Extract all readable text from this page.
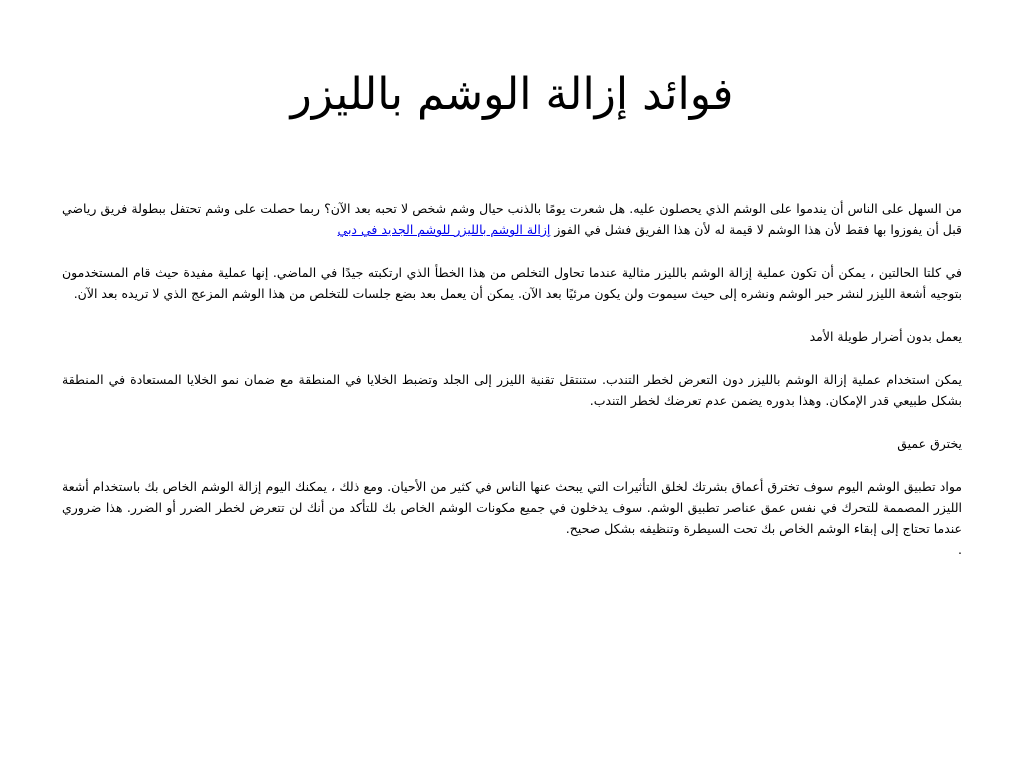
فوائد إزالة الوشم بالليزر

من السهل على الناس أن يندموا على الوشم الذي يحصلون عليه. هل شعرت يومًا بالذنب حيال وشم شخص لا تحبه بعد الآن؟ ربما حصلت على وشم تحتفل ببطولة فريق رياضي قبل أن يفوزوا بها فقط لأن هذا الوشم لا قيمة له لأن هذا الفريق فشل في الفوز إزالة الوشم بالليزر للوشم الجديد في دبي

في كلتا الحالتين ، يمكن أن تكون عملية إزالة الوشم بالليزر مثالية عندما تحاول التخلص من هذا الخطأ الذي ارتكبته جيدًا في الماضي. إنها عملية مفيدة حيث قام المستخدمون بتوجيه أشعة الليزر لنشر حبر الوشم ونشره إلى حيث سيموت ولن يكون مرئيًا بعد الآن. يمكن أن يعمل بعد بضع جلسات للتخلص من هذا الوشم المزعج الذي لا تريده بعد الآن.

يعمل بدون أضرار طويلة الأمد

يمكن استخدام عملية إزالة الوشم بالليزر دون التعرض لخطر التندب. ستنتقل تقنية الليزر إلى الجلد وتضبط الخلايا في المنطقة مع ضمان نمو الخلايا المستعادة في المنطقة بشكل طبيعي قدر الإمكان. وهذا بدوره يضمن عدم تعرضك لخطر التندب.

يخترق عميق

مواد تطبيق الوشم اليوم سوف تخترق أعماق بشرتك لخلق التأثيرات التي يبحث عنها الناس في كثير من الأحيان. ومع ذلك ، يمكنك اليوم إزالة الوشم الخاص بك باستخدام أشعة الليزر المصممة للتحرك في نفس عمق عناصر تطبيق الوشم. سوف يدخلون في جميع مكونات الوشم الخاص بك للتأكد من أنك لن تتعرض لخطر الضرر أو الضرر. هذا ضروري عندما تحتاج إلى إبقاء الوشم الخاص بك تحت السيطرة وتنظيفه بشكل صحيح.

.
